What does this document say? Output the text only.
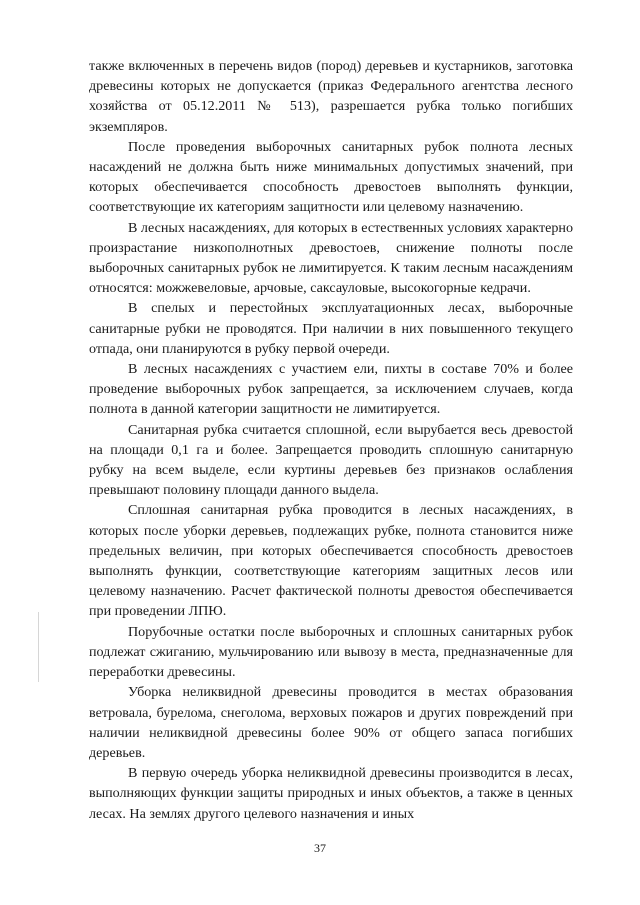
также включенных в перечень видов (пород) деревьев и кустарников, заготовка древесины которых не допускается (приказ Федерального агентства лесного хозяйства от 05.12.2011 № 513), разрешается рубка только погибших экземпляров.

После проведения выборочных санитарных рубок полнота лесных насаждений не должна быть ниже минимальных допустимых значений, при которых обеспечивается способность древостоев выполнять функции, соответствующие их категориям защитности или целевому назначению.

В лесных насаждениях, для которых в естественных условиях характерно произрастание низкополнотных древостоев, снижение полноты после выборочных санитарных рубок не лимитируется. К таким лесным насаждениям относятся: можжевеловые, арчовые, саксауловые, высокогорные кедрачи.

В спелых и перестойных эксплуатационных лесах, выборочные санитарные рубки не проводятся. При наличии в них повышенного текущего отпада, они планируются в рубку первой очереди.

В лесных насаждениях с участием ели, пихты в составе 70% и более проведение выборочных рубок запрещается, за исключением случаев, когда полнота в данной категории защитности не лимитируется.

Санитарная рубка считается сплошной, если вырубается весь древостой на площади 0,1 га и более. Запрещается проводить сплошную санитарную рубку на всем выделе, если куртины деревьев без признаков ослабления превышают половину площади данного выдела.

Сплошная санитарная рубка проводится в лесных насаждениях, в которых после уборки деревьев, подлежащих рубке, полнота становится ниже предельных величин, при которых обеспечивается способность древостоев выполнять функции, соответствующие категориям защитных лесов или целевому назначению. Расчет фактической полноты древостоя обеспечивается при проведении ЛПЮ.

Порубочные остатки после выборочных и сплошных санитарных рубок подлежат сжиганию, мульчированию или вывозу в места, предназначенные для переработки древесины.

Уборка неликвидной древесины проводится в местах образования ветровала, бурелома, снеголома, верховых пожаров и других повреждений при наличии неликвидной древесины более 90% от общего запаса погибших деревьев.

В первую очередь уборка неликвидной древесины производится в лесах, выполняющих функции защиты природных и иных объектов, а также в ценных лесах. На землях другого целевого назначения и иных

37
